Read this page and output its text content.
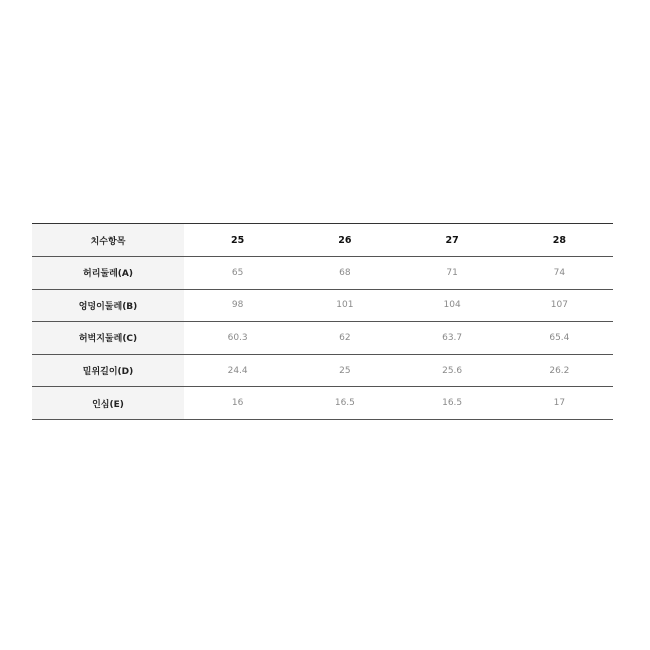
치수항목	25	26	27	28
허리둘레(A)	65	68	71	74
엉덩이둘레(B)	98	101	104	107
허벅지둘레(C)	60.3	62	63.7	65.4
밑위길이(D)	24.4	25	25.6	26.2
인심(E)	16	16.5	16.5	17
